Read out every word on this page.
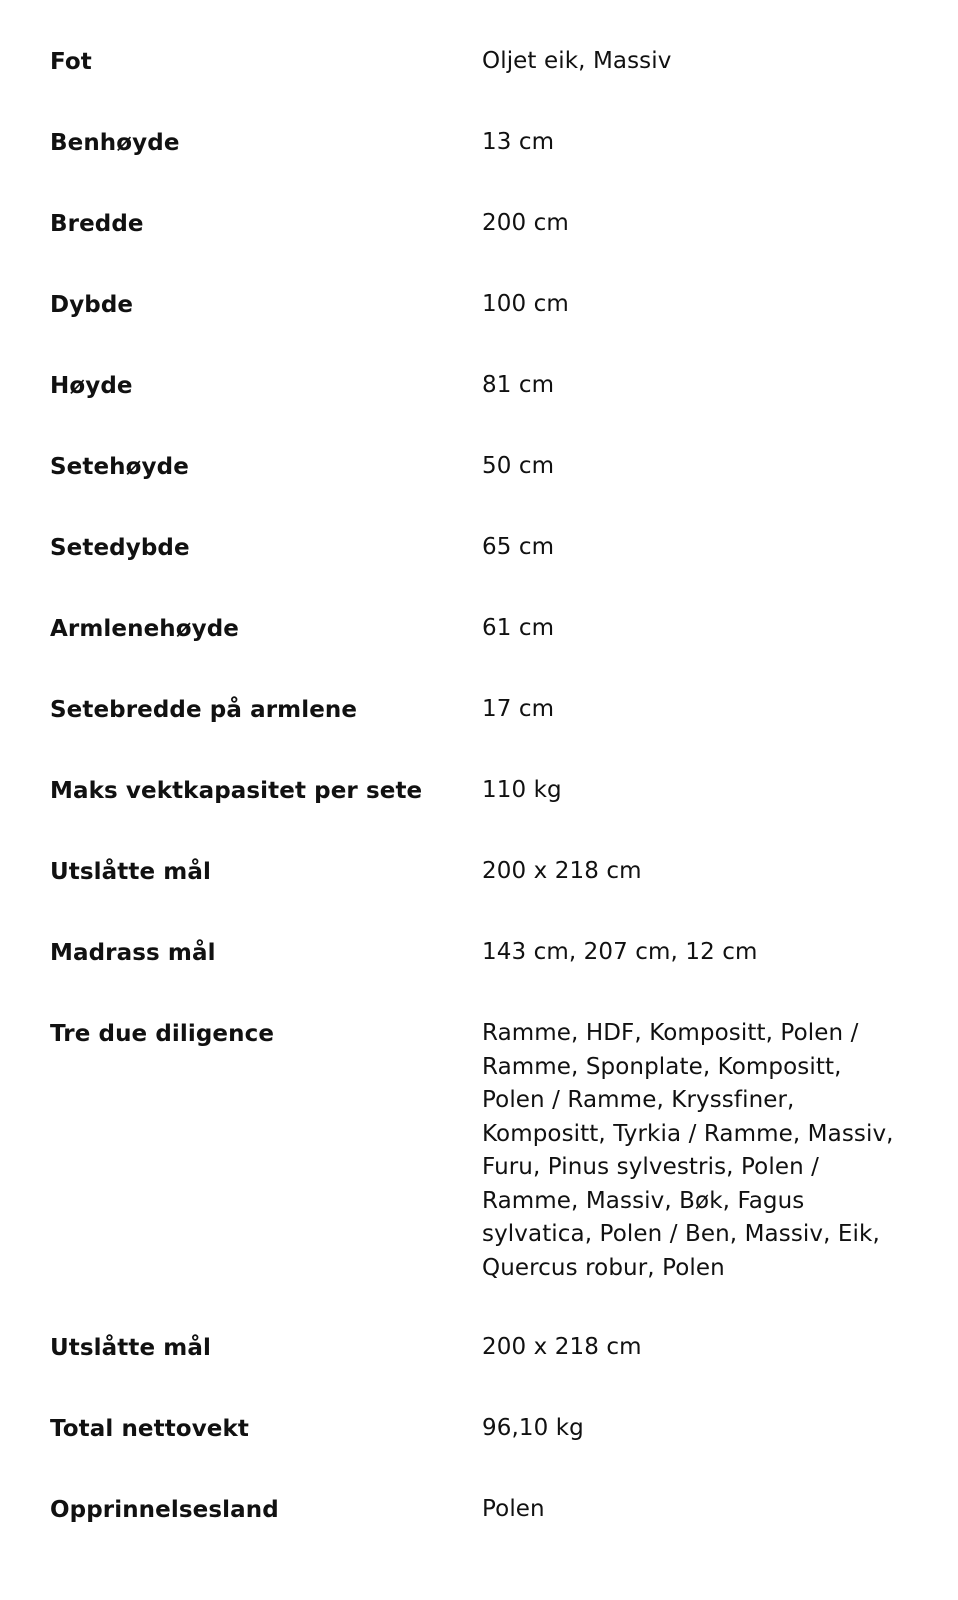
Fot	Oljet eik, Massiv
Benhøyde	13 cm
Bredde	200 cm
Dybde	100 cm
Høyde	81 cm
Setehøyde	50 cm
Setedybde	65 cm
Armlenehøyde	61 cm
Setebredde på armlene	17 cm
Maks vektkapasitet per sete	110 kg
Utslåtte mål	200 x 218 cm
Madrass mål	143 cm, 207 cm, 12 cm
Tre due diligence	Ramme, HDF, Kompositt, Polen / Ramme, Sponplate, Kompositt, Polen / Ramme, Kryssfiner, Kompositt, Tyrkia / Ramme, Massiv, Furu, Pinus sylvestris, Polen / Ramme, Massiv, Bøk, Fagus sylvatica, Polen / Ben, Massiv, Eik, Quercus robur, Polen
Utslåtte mål	200 x 218 cm
Total nettovekt	96,10 kg
Opprinnelsesland	Polen
